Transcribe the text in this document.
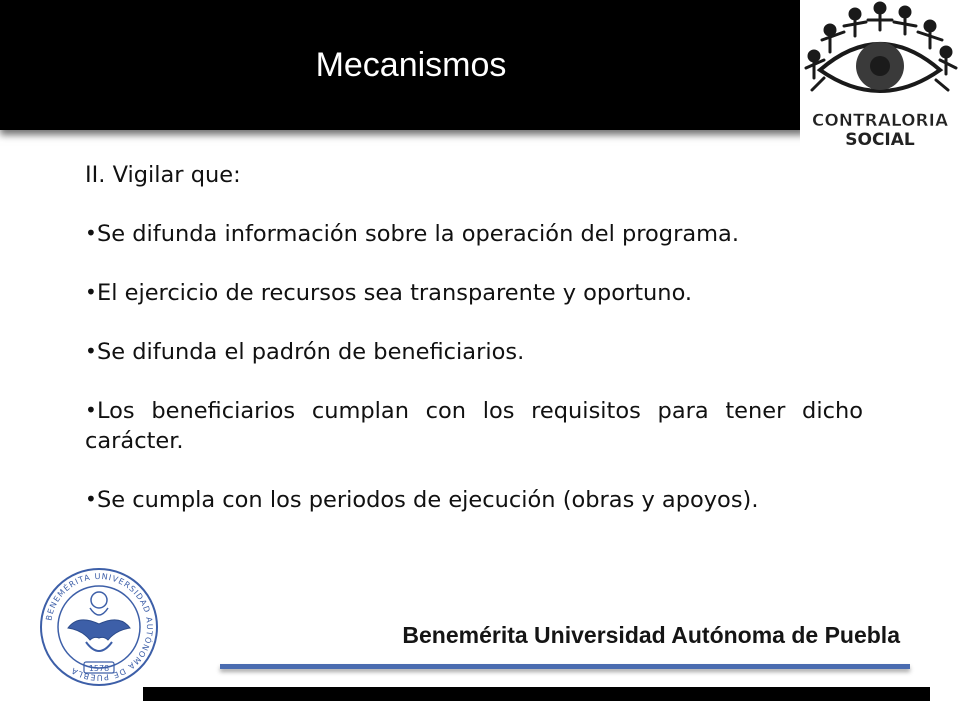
Mecanismos
CONTRALORIA
SOCIAL

II. Vigilar que:

•Se difunda información sobre la operación del programa.

•El ejercicio de recursos sea transparente y oportuno.

•Se difunda el padrón de beneficiarios.

•Los beneficiarios cumplan con los requisitos para tener dicho carácter.

•Se cumpla con los periodos de ejecución (obras y apoyos).

BENEMÉRITA UNIVERSIDAD AUTÓNOMA DE PUEBLA	1578
Benemérita Universidad Autónoma de Puebla
